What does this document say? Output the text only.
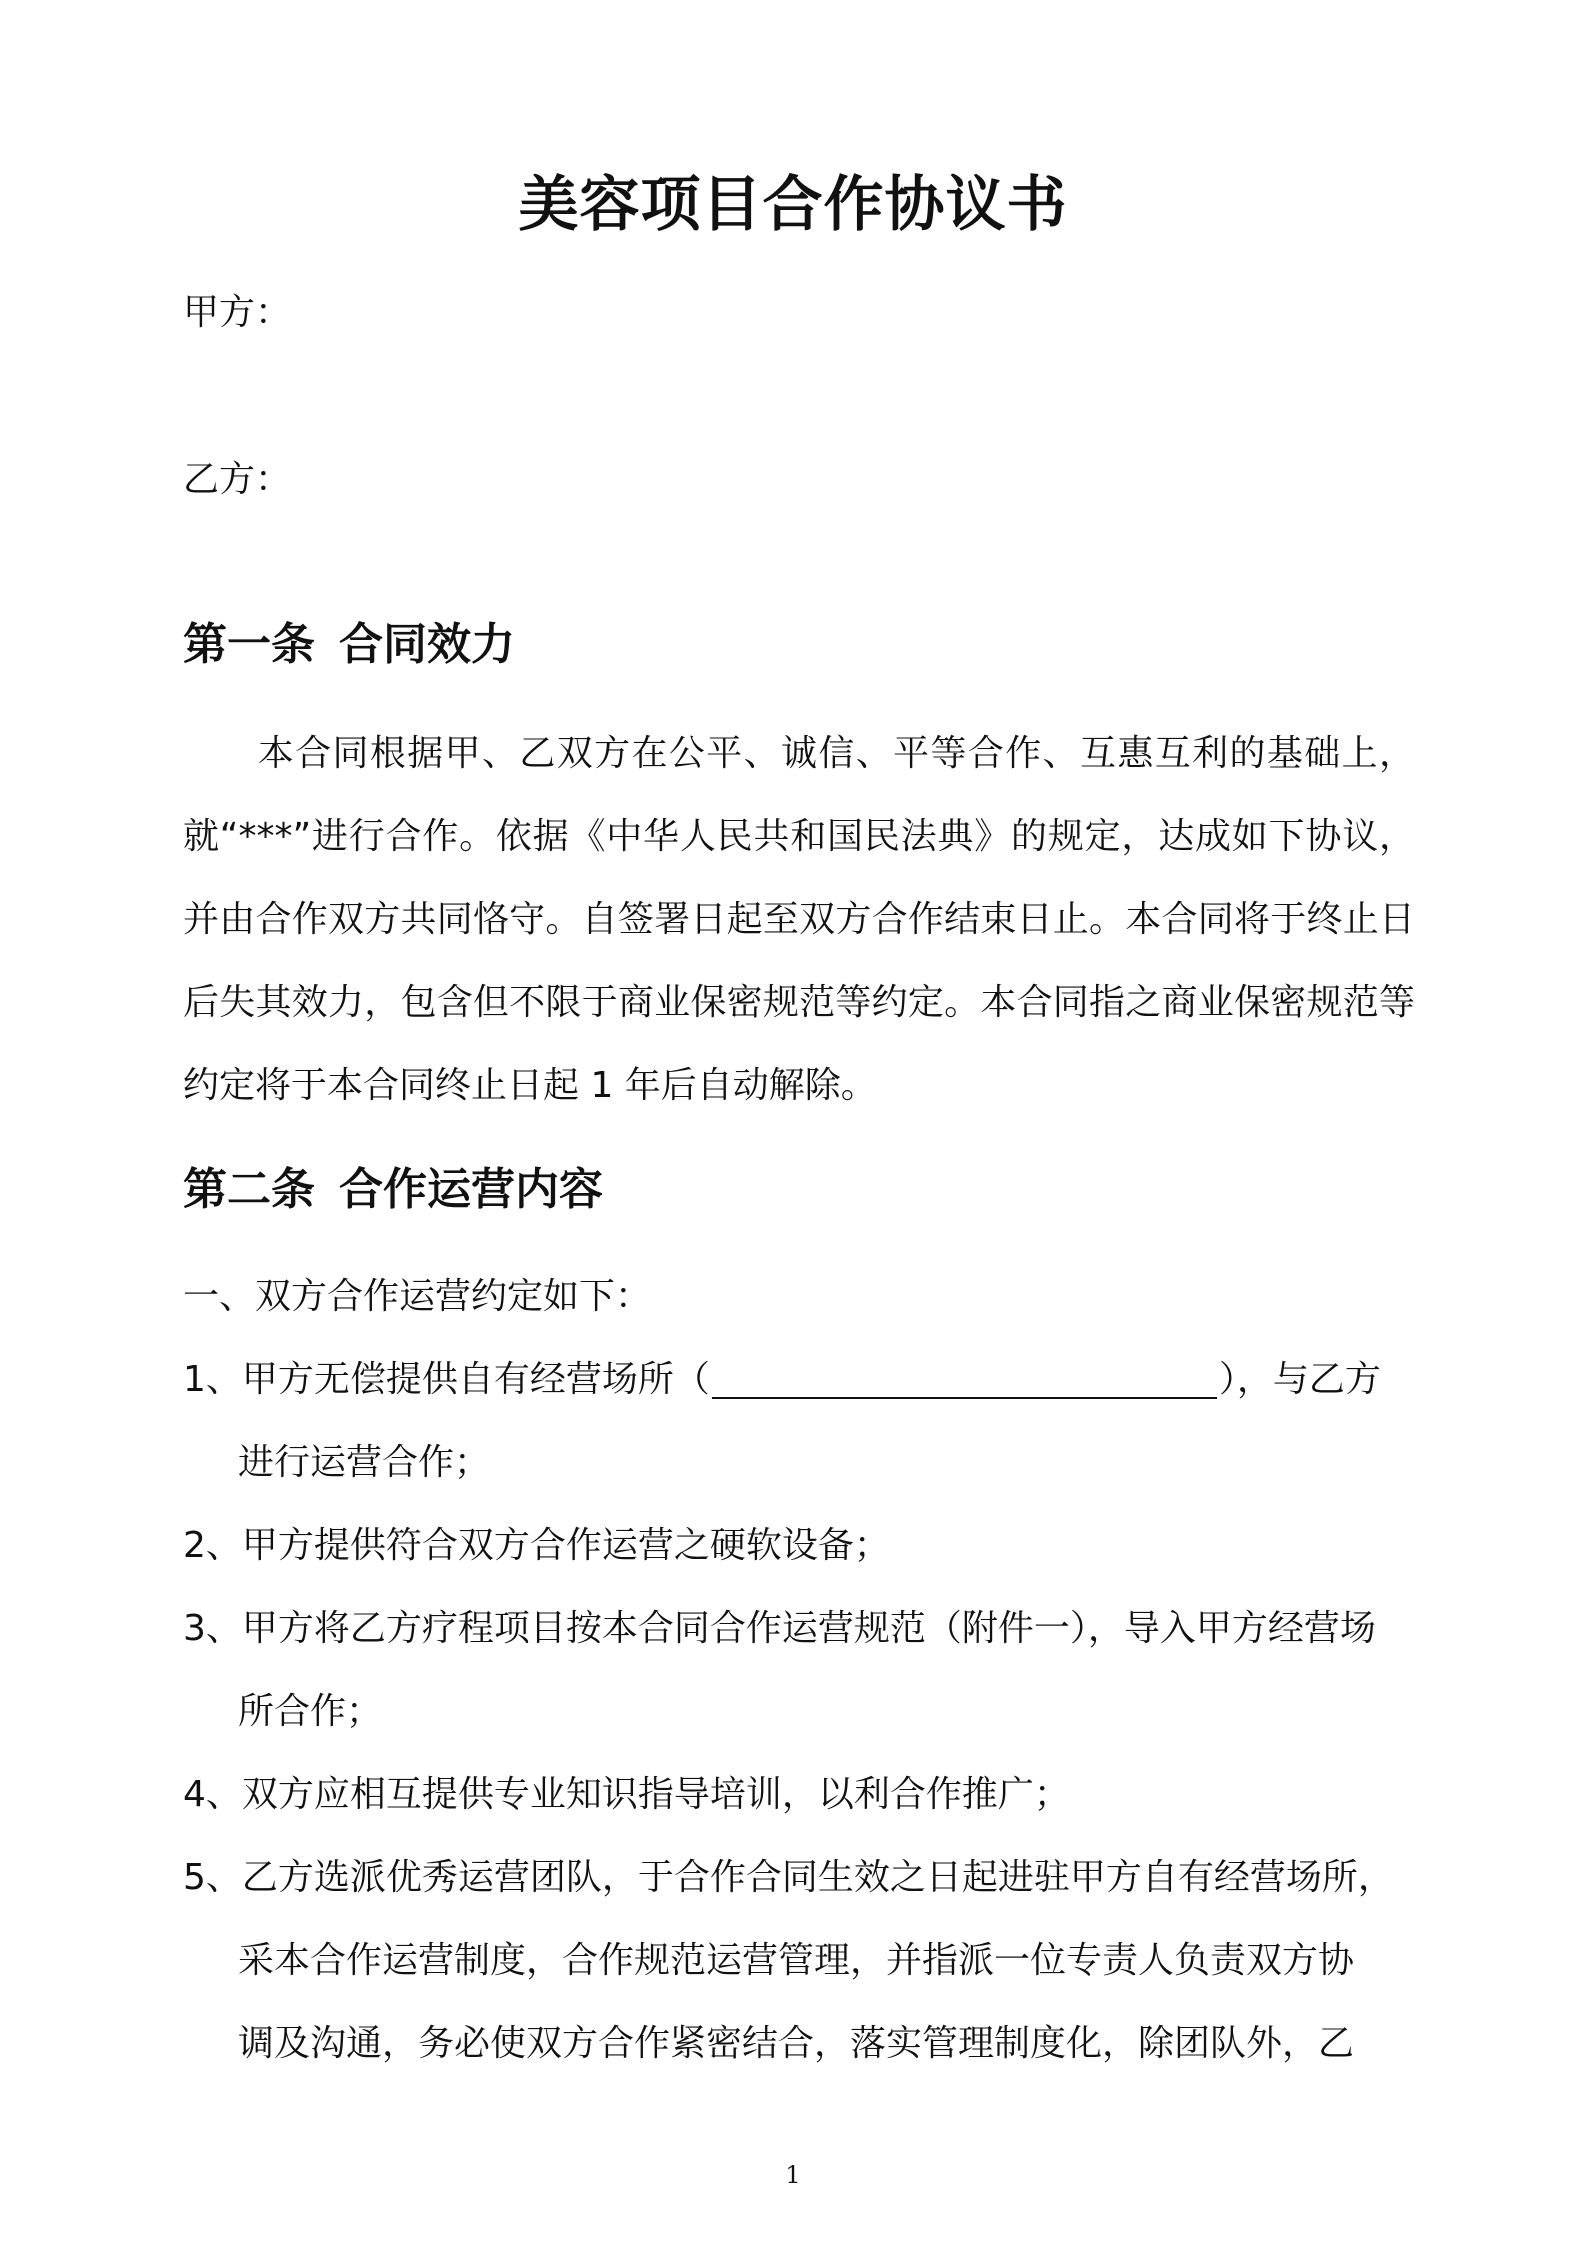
美容项目合作协议书
甲方：
乙方：
第一条 合同效力
　　本合同根据甲、乙双方在公平、诚信、平等合作、互惠互利的基础上，就“***”进行合作。依据《中华人民共和国民法典》的规定，达成如下协议，并由合作双方共同恪守。自签署日起至双方合作结束日止。本合同将于终止日后失其效力，包含但不限于商业保密规范等约定。本合同指之商业保密规范等约定将于本合同终止日起 1 年后自动解除。
第二条 合作运营内容
一、双方合作运营约定如下：
1、甲方无偿提供自有经营场所（	），与乙方
进行运营合作；
2、甲方提供符合双方合作运营之硬软设备；
3、甲方将乙方疗程项目按本合同合作运营规范（附件一），导入甲方经营场
所合作；
4、双方应相互提供专业知识指导培训，以利合作推广；
5、乙方选派优秀运营团队，于合作合同生效之日起进驻甲方自有经营场所，
采本合作运营制度，合作规范运营管理，并指派一位专责人负责双方协
调及沟通，务必使双方合作紧密结合，落实管理制度化，除团队外，乙
1
